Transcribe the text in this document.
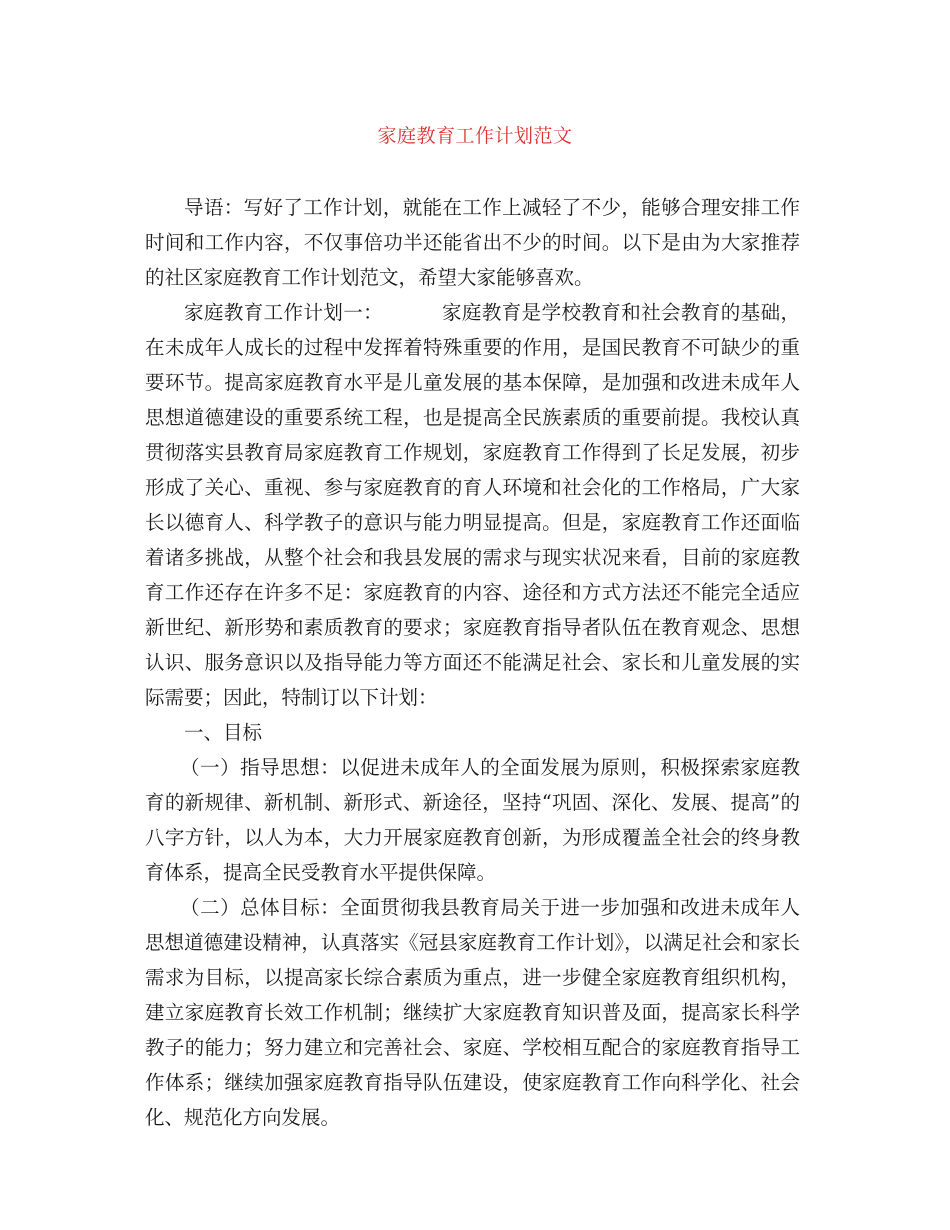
家庭教育工作计划范文

导语：写好了工作计划，就能在工作上减轻了不少，能够合理安排工作时间和工作内容，不仅事倍功半还能省出不少的时间。以下是由为大家推荐的社区家庭教育工作计划范文，希望大家能够喜欢。

家庭教育工作计划一：	家庭教育是学校教育和社会教育的基础，在未成年人成长的过程中发挥着特殊重要的作用，是国民教育不可缺少的重要环节。提高家庭教育水平是儿童发展的基本保障，是加强和改进未成年人思想道德建设的重要系统工程，也是提高全民族素质的重要前提。我校认真贯彻落实县教育局家庭教育工作规划，家庭教育工作得到了长足发展，初步形成了关心、重视、参与家庭教育的育人环境和社会化的工作格局，广大家长以德育人、科学教子的意识与能力明显提高。但是，家庭教育工作还面临着诸多挑战，从整个社会和我县发展的需求与现实状况来看，目前的家庭教育工作还存在许多不足：家庭教育的内容、途径和方式方法还不能完全适应新世纪、新形势和素质教育的要求；家庭教育指导者队伍在教育观念、思想认识、服务意识以及指导能力等方面还不能满足社会、家长和儿童发展的实际需要；因此，特制订以下计划：

一、目标

（一）指导思想：以促进未成年人的全面发展为原则，积极探索家庭教育的新规律、新机制、新形式、新途径，坚持“巩固、深化、发展、提高”的八字方针，以人为本，大力开展家庭教育创新，为形成覆盖全社会的终身教育体系，提高全民受教育水平提供保障。

（二）总体目标：全面贯彻我县教育局关于进一步加强和改进未成年人思想道德建设精神，认真落实《冠县家庭教育工作计划》，以满足社会和家长需求为目标，以提高家长综合素质为重点，进一步健全家庭教育组织机构，建立家庭教育长效工作机制；继续扩大家庭教育知识普及面，提高家长科学教子的能力；努力建立和完善社会、家庭、学校相互配合的家庭教育指导工作体系；继续加强家庭教育指导队伍建设，使家庭教育工作向科学化、社会化、规范化方向发展。
